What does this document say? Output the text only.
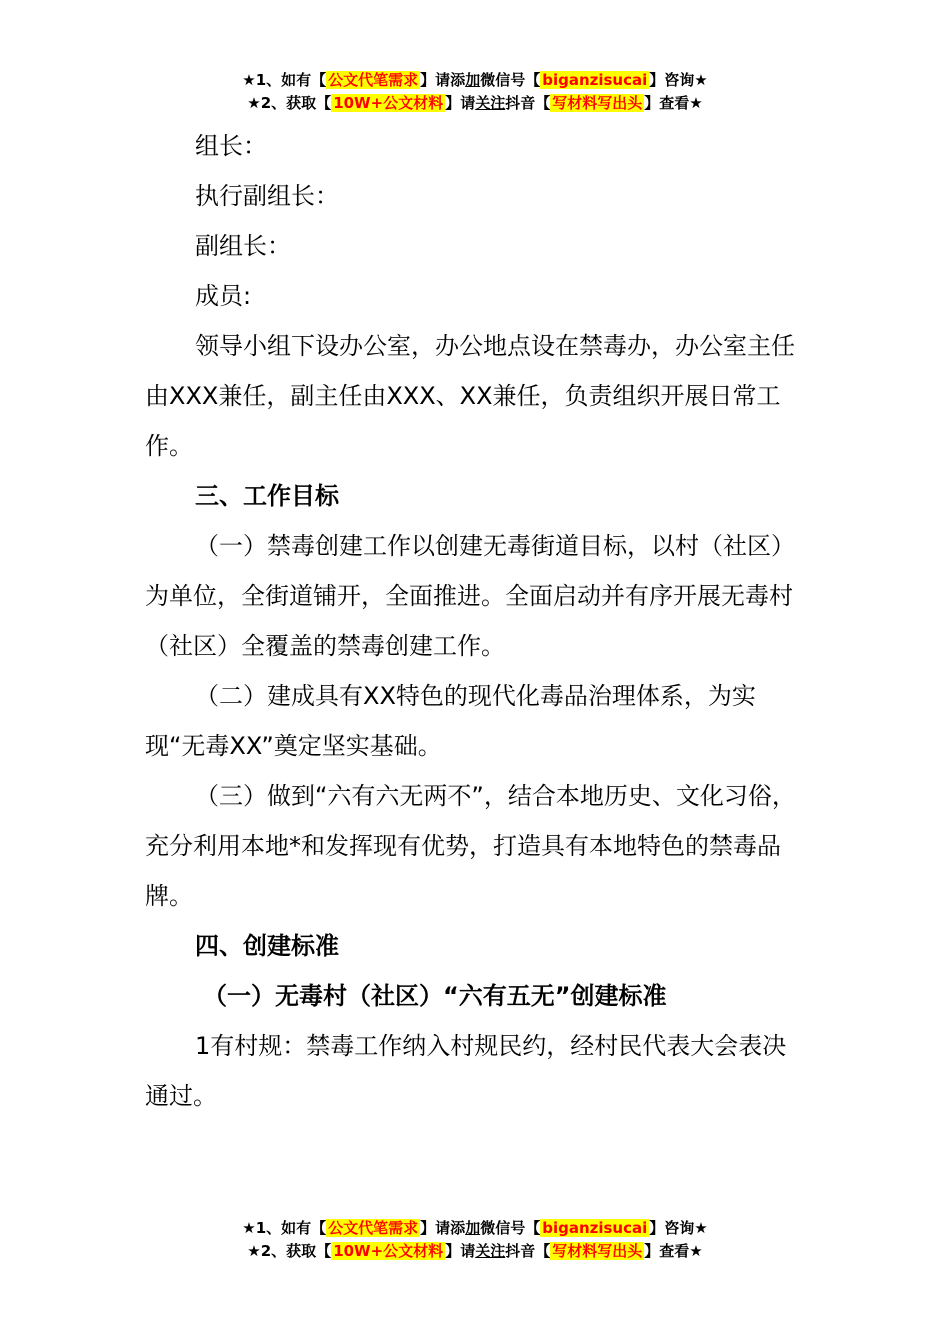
★1、如有【 公文代笔需求 】请添加微信号【 biganzisucai 】咨询★
★2、获取【 10W+公文材料 】请关注抖音【 写材料写出头 】查看★

组长：

执行副组长：

副组长：

成员:

领导小组下设办公室，办公地点设在禁毒办，办公室主任由XXX兼任，副主任由XXX、XX兼任，负责组织开展日常工作。

三、工作目标

（一）禁毒创建工作以创建无毒街道目标，以村（社区）为单位，全街道铺开，全面推进。全面启动并有序开展无毒村（社区）全覆盖的禁毒创建工作。

（二）建成具有XX特色的现代化毒品治理体系，为实现“无毒XX”奠定坚实基础。

（三）做到“六有六无两不”，结合本地历史、文化习俗，充分利用本地*和发挥现有优势，打造具有本地特色的禁毒品牌。

四、创建标准

（一）无毒村（社区）“六有五无”创建标准

1有村规：禁毒工作纳入村规民约，经村民代表大会表决通过。

★1、如有【 公文代笔需求 】请添加微信号【 biganzisucai 】咨询★
★2、获取【 10W+公文材料 】请关注抖音【 写材料写出头 】查看★
